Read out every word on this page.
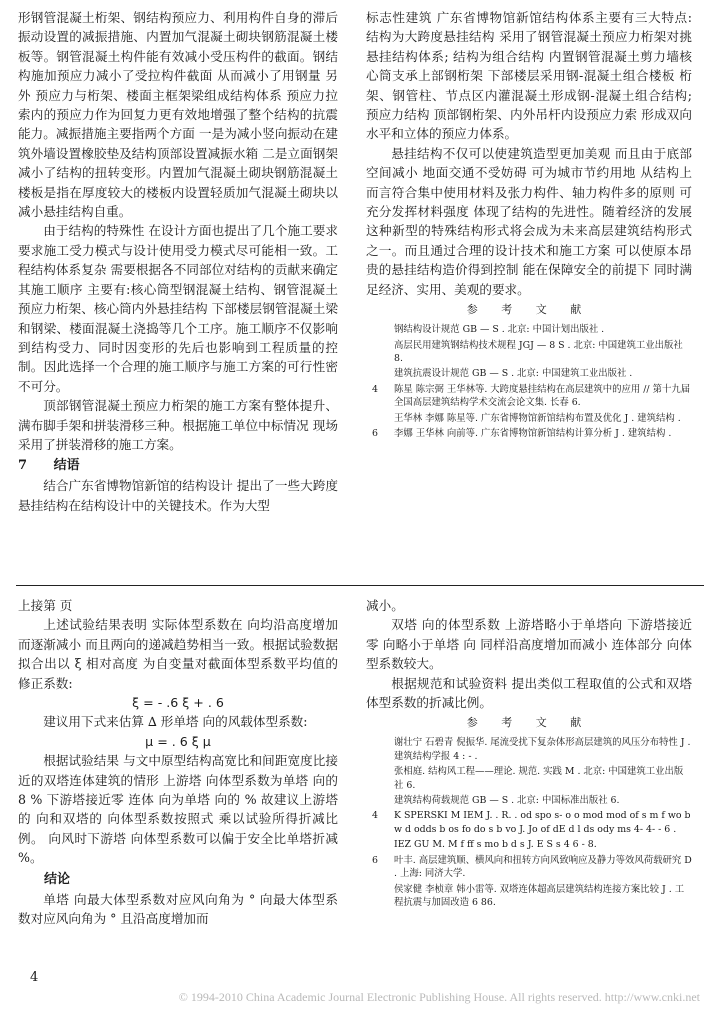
形钢管混凝土桁架、钢结构预应力、利用构件自身的滞后振动设置的减振措施、内置加气混凝土砌块钢筋混凝土楼板等。钢管混凝土构件能有效减小受压构件的截面。钢结构施加预应力减小了受拉构件截面 从而减小了用钢量 另外 预应力与桁架、楼面主框架梁组成结构体系 预应力拉索内的预应力作为回复力更有效地增强了整个结构的抗震能力。减振措施主要指两个方面 一是为减小竖向振动在建筑外墙设置橡胶垫及结构顶部设置减振水箱 二是立面钢架减小了结构的扭转变形。内置加气混凝土砌块钢筋混凝土楼板是指在厚度较大的楼板内设置轻质加气混凝土砌块以减小悬挂结构自重。

由于结构的特殊性 在设计方面也提出了几个施工要求 要求施工受力模式与设计使用受力模式尽可能相一致。工程结构体系复杂 需要根据各不同部位对结构的贡献来确定其施工顺序 主要有:核心筒型钢混凝土结构、钢管混凝土预应力桁架、核心筒内外悬挂结构 下部楼层钢管混凝土梁和钢梁、楼面混凝土浇捣等几个工序。施工顺序不仅影响到结构受力、同时因变形的先后也影响到工程质量的控制。因此选择一个合理的施工顺序与施工方案的可行性密不可分。

顶部钢管混凝土预应力桁架的施工方案有整体提升、满布脚手架和拼装滑移三种。根据施工单位中标情况 现场采用了拼装滑移的施工方案。

7 结语

结合广东省博物馆新馆的结构设计 提出了一些大跨度悬挂结构在结构设计中的关键技术。作为大型

标志性建筑 广东省博物馆新馆结构体系主要有三大特点: 结构为大跨度悬挂结构 采用了钢管混凝土预应力桁架对挑悬挂结构体系; 结构为组合结构 内置钢管混凝土剪力墙核心筒支承上部钢桁架 下部楼层采用钢-混凝土组合楼板 桁架、钢管柱、节点区内灌混凝土形成钢-混凝土组合结构; 预应力结构 顶部钢桁架、内外吊杆内设预应力索 形成双向水平和立体的预应力体系。

悬挂结构不仅可以使建筑造型更加美观 而且由于底部空间减小 地面交通不受妨碍 可为城市节约用地 从结构上而言符合集中使用材料及张力构件、轴力构件多的原则 可充分发挥材料强度 体现了结构的先进性。随着经济的发展 这种新型的特殊结构形式将会成为未来高层建筑结构形式之一。而且通过合理的设计技术和施工方案 可以使原本昂贵的悬挂结构造价得到控制 能在保障安全的前提下 同时满足经济、实用、美观的要求。

参 考 文 献
钢结构设计规范 GB — S . 北京: 中国计划出版社 .
高层民用建筑钢结构技术规程 JGJ — 8 S . 北京: 中国建筑工业出版社 8.
建筑抗震设计规范 GB — S . 北京: 中国建筑工业出版社 .
4 陈星 陈宗弼 王华林等. 大跨度悬挂结构在高层建筑中的应用 // 第十九届全国高层建筑结构学术交流会论文集. 长春 6.
王华林 李娜 陈星等. 广东省博物馆新馆结构布置及优化 J . 建筑结构 .
6 李娜 王华林 向前等. 广东省博物馆新馆结构计算分析 J . 建筑结构 .

上接第 页

上述试验结果表明 实际体型系数在 向均沿高度增加而逐渐减小 而且两向的递减趋势相当一致。根据试验数据拟合出以 ξ 相对高度 为自变量对截面体型系数平均值的修正系数:

ξ = - .6 ξ + . 6

建议用下式来估算 ∆ 形单塔 向的风载体型系数:

μ = . 6 ξ μ

根据试验结果 与文中原型结构高宽比和间距宽度比接近的双塔连体建筑的情形 上游塔 向体型系数为单塔 向的 8 % 下游塔接近零 连体 向为单塔 向的 % 故建议上游塔的 向和双塔的 向体型系数按照式 乘以试验所得折减比例。 向风时下游塔 向体型系数可以偏于安全比单塔折减 %。

结论

单塔 向最大体型系数对应风向角为 ° 向最大体型系数对应风向角为 ° 且沿高度增加而

减小。

双塔 向的体型系数 上游塔略小于单塔向 下游塔接近零 向略小于单塔 向 同样沿高度增加而减小 连体部分 向体型系数较大。

根据规范和试验资料 提出类似工程取值的公式和双塔体型系数的折减比例。

参 考 文 献
谢壮宁 石碧青 倪振华. 尾流受扰下复杂体形高层建筑的风压分布特性 J . 建筑结构学报 4 : - .
张相庭. 结构风工程——理论. 规范. 实践 M . 北京: 中国建筑工业出版社 6.
建筑结构荷载规范 GB — S . 北京: 中国标准出版社 6.
4 K SPERSKI M IEM J. . R. . od spo s- o o mod mod of s m f wo b w d odds b os fo do s b vo J. Jo of dE d l ds ody ms 4- 4- - 6 .
IEZ GU M. M f ff s mo b d s J. E S s 4 6 - 8.
6 叶丰. 高层建筑顺、横风向和扭转方向风致响应及静力等效风荷载研究 D . 上海: 同济大学.
侯家健 李桢章 韩小雷等. 双塔连体超高层建筑结构连接方案比较 J . 工程抗震与加固改造 6 86.
4
© 1994-2010 China Academic Journal Electronic Publishing House. All rights reserved. http://www.cnki.net
